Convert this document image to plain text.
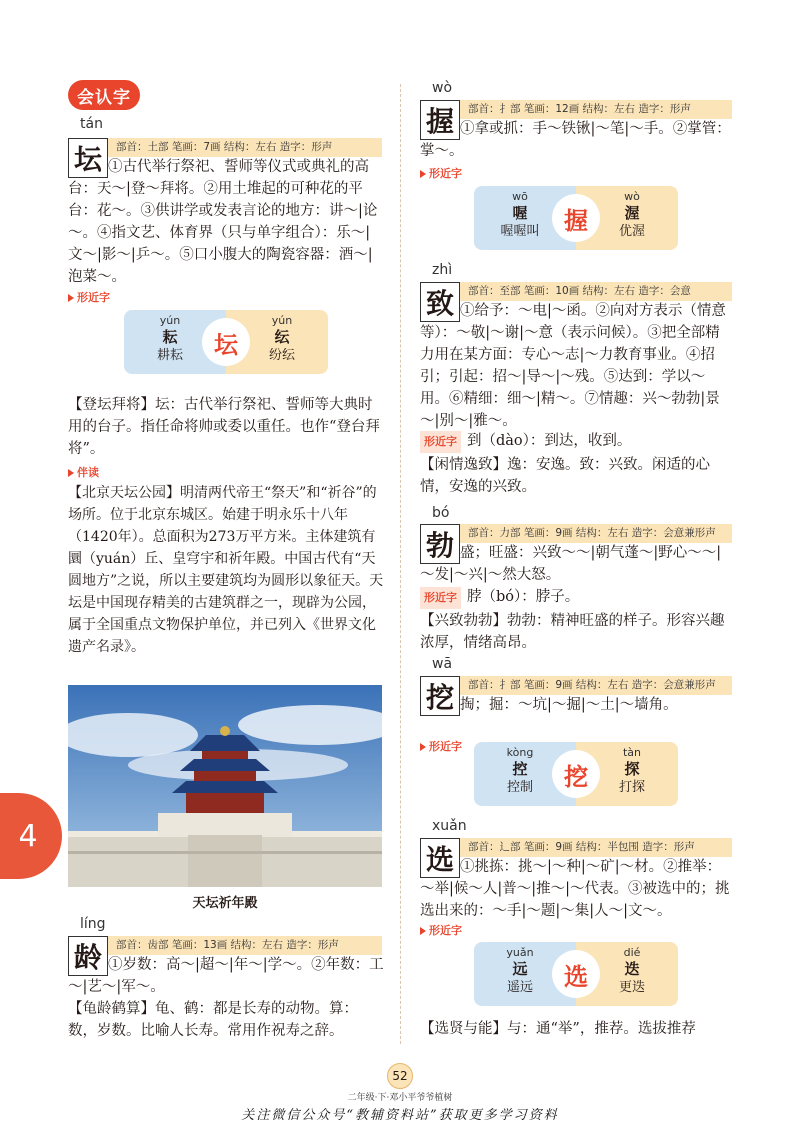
会认字
tán
坛	部首：土部 笔画：7画 结构：左右 造字：形声
①古代举行祭祀、誓师等仪式或典礼的高台：天～|登～拜将。②用土堆起的可种花的平台：花～。③供讲学或发表言论的地方：讲～|论～。④指文艺、体育界（只与单字组合）：乐～|文～|影～|乒～。⑤口小腹大的陶瓷容器：酒～|泡菜～。
形近字
yún
耘
耕耘
yún
纭
纷纭
坛
【登坛拜将】坛：古代举行祭祀、誓师等大典时用的台子。指任命将帅或委以重任。也作“登台拜将”。
伴读
【北京天坛公园】明清两代帝王“祭天”和“祈谷”的场所。位于北京东城区。始建于明永乐十八年（1420年）。总面积为273万平方米。主体建筑有圜（yuán）丘、皇穹宇和祈年殿。中国古代有“天圆地方”之说，所以主要建筑均为圆形以象征天。天坛是中国现存精美的古建筑群之一，现辟为公园，属于全国重点文物保护单位，并已列入《世界文化遗产名录》。
天坛祈年殿
líng
龄	部首：齿部 笔画：13画 结构：左右 造字：形声
①岁数：高～|超～|年～|学～。②年数：工～|艺～|军～。
【龟龄鹤算】龟、鹤：都是长寿的动物。算：数，岁数。比喻人长寿。常用作祝寿之辞。
wò
握	部首：扌部 笔画：12画 结构：左右 造字：形声
①拿或抓：手～铁锹|～笔|～手。②掌管：掌～。
形近字
wō
喔
喔喔叫
wò
渥
优渥
握
zhì
致	部首：至部 笔画：10画 结构：左右 造字：会意
①给予：～电|～函。②向对方表示（情意等）：～敬|～谢|～意（表示问候）。③把全部精力用在某方面：专心～志|～力教育事业。④招引；引起：招～|导～|～残。⑤达到：学以～用。⑥精细：细～|精～。⑦情趣：兴～勃勃|景～|别～|雅～。
形近字 到（dào）：到达，收到。
【闲情逸致】逸：安逸。致：兴致。闲适的心情，安逸的兴致。
bó
勃	部首：力部 笔画：9画 结构：左右 造字：会意兼形声
盛；旺盛：兴致～～|朝气蓬～|野心～～|～发|～兴|～然大怒。
形近字 脖（bó）：脖子。
【兴致勃勃】勃勃：精神旺盛的样子。形容兴趣浓厚，情绪高昂。
wā
挖	部首：扌部 笔画：9画 结构：左右 造字：会意兼形声
掏；掘：～坑|～掘|～土|～墙角。
形近字	kòng
控
控制
tàn
探
打探
挖
xuǎn
选	部首：辶部 笔画：9画 结构：半包围 造字：形声
①挑拣：挑～|～种|～矿|～材。②推举：～举|候～人|普～|推～|～代表。③被选中的；挑选出来的：～手|～题|～集|人～|文～。
形近字
yuǎn
远
遥远
dié
迭
更迭
选
【选贤与能】与：通“举”，推荐。选拔推荐
4
52
二年级·下·邓小平爷爷植树
关注微信公众号“教辅资料站”获取更多学习资料
